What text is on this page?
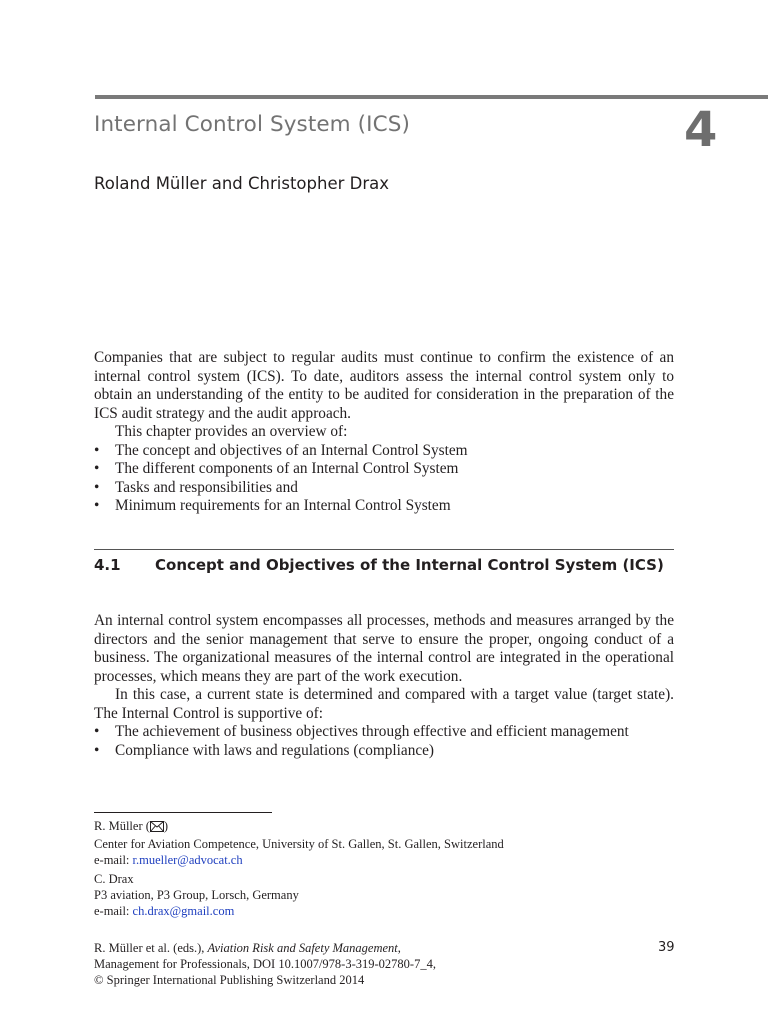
Internal Control System (ICS)	4
Roland Müller and Christopher Drax

Companies that are subject to regular audits must continue to confirm the existence of an internal control system (ICS). To date, auditors assess the internal control system only to obtain an understanding of the entity to be audited for consideration in the preparation of the ICS audit strategy and the audit approach.

This chapter provides an overview of:

• The concept and objectives of an Internal Control System
• The different components of an Internal Control System
• Tasks and responsibilities and
• Minimum requirements for an Internal Control System
4.1 Concept and Objectives of the Internal Control System (ICS)

An internal control system encompasses all processes, methods and measures arranged by the directors and the senior management that serve to ensure the proper, ongoing conduct of a business. The organizational measures of the internal control are integrated in the operational processes, which means they are part of the work execution.

In this case, a current state is determined and compared with a target value (target state). The Internal Control is supportive of:

• The achievement of business objectives through effective and efficient management
• Compliance with laws and regulations (compliance)

R. Müller ( )

Center for Aviation Competence, University of St. Gallen, St. Gallen, Switzerland

e-mail: r.mueller@advocat.ch

C. Drax

P3 aviation, P3 Group, Lorsch, Germany

e-mail: ch.drax@gmail.com

R. Müller et al. (eds.), Aviation Risk and Safety Management,

Management for Professionals, DOI 10.1007/978-3-319-02780-7_4,

© Springer International Publishing Switzerland 2014

39
